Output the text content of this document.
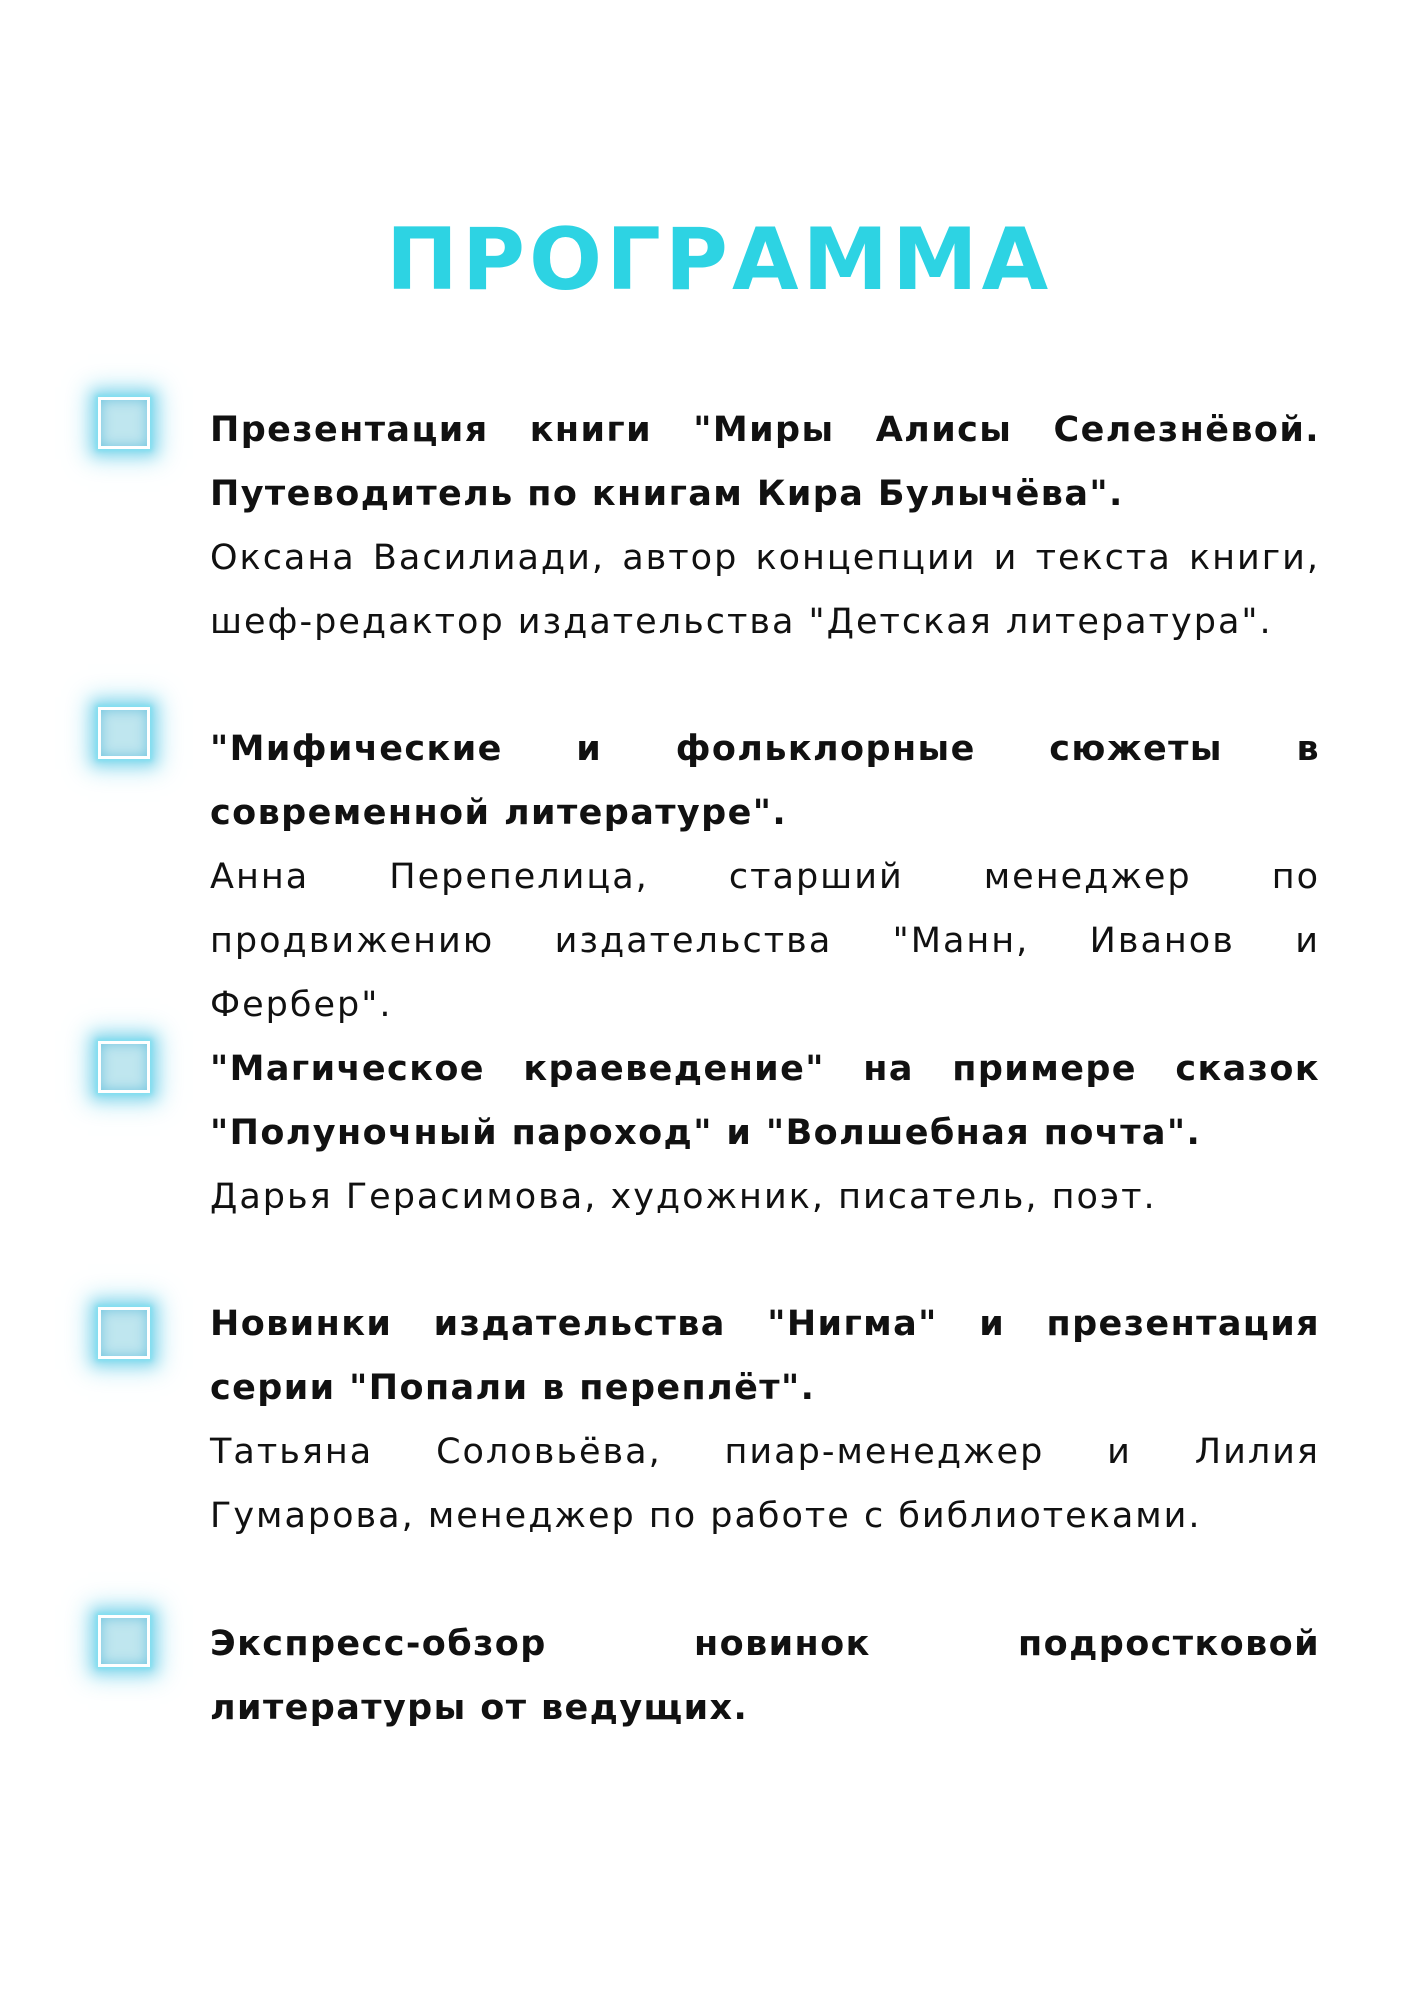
ПРОГРАММА
Презентация книги "Миры Алисы Селезнёвой. Путеводитель по книгам Кира Булычёва".
Оксана Василиади, автор концепции и текста книги, шеф-редактор издательства "Детская литература".
"Мифические и фольклорные сюжеты в современной литературе".
Анна Перепелица, старший менеджер по продвижению издательства "Манн, Иванов и Фербер".
"Магическое краеведение" на примере сказок "Полуночный пароход" и "Волшебная почта".
Дарья Герасимова, художник, писатель, поэт.
Новинки издательства "Нигма" и презентация серии "Попали в переплёт".
Татьяна Соловьёва, пиар-менеджер и Лилия Гумарова, менеджер по работе с библиотеками.
Экспресс-обзор новинок подростковой литературы от ведущих.
